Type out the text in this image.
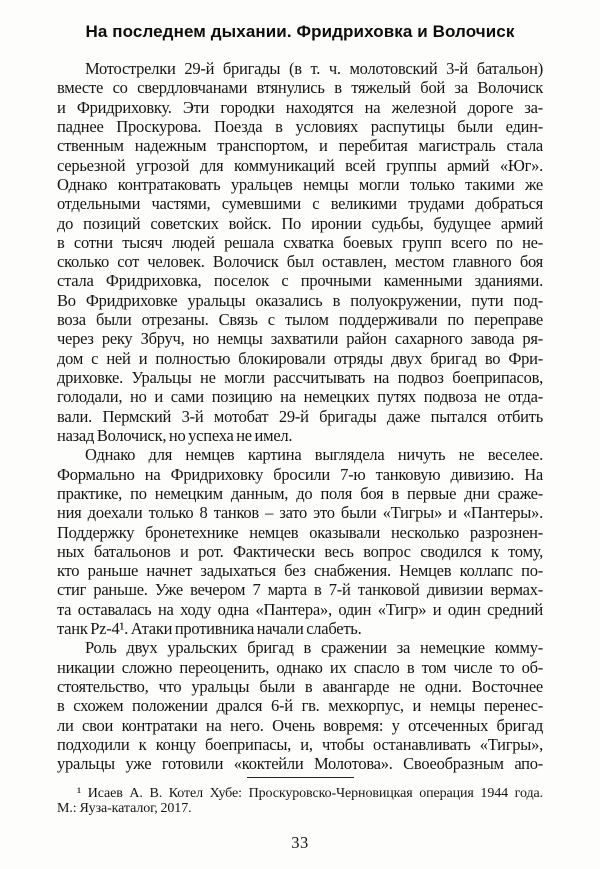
На последнем дыхании. Фридриховка и Волочиск
Мотострелки 29-й бригады (в т. ч. молотовский 3-й батальон)
вместе со свердловчанами втянулись в тяжелый бой за Волочиск
и Фридриховку. Эти городки находятся на железной дороге за-
паднее Проскурова. Поезда в условиях распутицы были един-
ственным надежным транспортом, и перебитая магистраль стала
серьезной угрозой для коммуникаций всей группы армий «Юг».
Однако контратаковать уральцев немцы могли только такими же
отдельными частями, сумевшими с великими трудами добраться
до позиций советских войск. По иронии судьбы, будущее армий
в сотни тысяч людей решала схватка боевых групп всего по не-
сколько сот человек. Волочиск был оставлен, местом главного боя
стала Фридриховка, поселок с прочными каменными зданиями.
Во Фридриховке уральцы оказались в полуокружении, пути под-
воза были отрезаны. Связь с тылом поддерживали по переправе
через реку Збруч, но немцы захватили район сахарного завода ря-
дом с ней и полностью блокировали отряды двух бригад во Фри-
дриховке. Уральцы не могли рассчитывать на подвоз боеприпасов,
голодали, но и сами позицию на немецких путях подвоза не отда-
вали. Пермский 3-й мотобат 29-й бригады даже пытался отбить
назад Волочиск, но успеха не имел.
Однако для немцев картина выглядела ничуть не веселее.
Формально на Фридриховку бросили 7-ю танковую дивизию. На
практике, по немецким данным, до поля боя в первые дни сраже-
ния доехали только 8 танков – зато это были «Тигры» и «Пантеры».
Поддержку бронетехнике немцев оказывали несколько разрознен-
ных батальонов и рот. Фактически весь вопрос сводился к тому,
кто раньше начнет задыхаться без снабжения. Немцев коллапс по-
стиг раньше. Уже вечером 7 марта в 7-й танковой дивизии вермах-
та оставалась на ходу одна «Пантера», один «Тигр» и один средний
танк Pz-4¹. Атаки противника начали слабеть.
Роль двух уральских бригад в сражении за немецкие комму-
никации сложно переоценить, однако их спасло в том числе то об-
стоятельство, что уральцы были в авангарде не одни. Восточнее
в схожем положении дрался 6-й гв. мехкорпус, и немцы перенес-
ли свои контратаки на него. Очень вовремя: у отсеченных бригад
подходили к концу боеприпасы, и, чтобы останавливать «Тигры»,
уральцы уже готовили «коктейли Молотова». Своеобразным апо-
¹ Исаев А. В. Котел Хубе: Проскуровско-Черновицкая операция 1944 года.
М.: Яуза-каталог, 2017.
33
